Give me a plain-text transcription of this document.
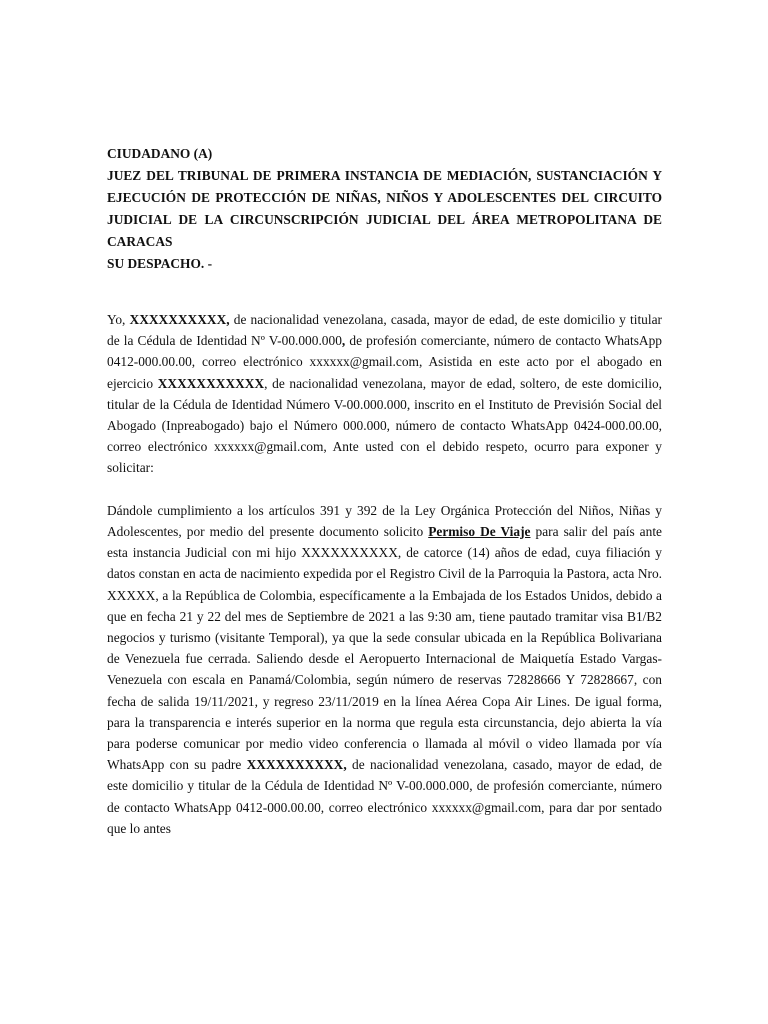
CIUDADANO (A)

JUEZ DEL TRIBUNAL DE PRIMERA INSTANCIA DE MEDIACIÓN, SUSTANCIACIÓN Y EJECUCIÓN DE PROTECCIÓN DE NIÑAS, NIÑOS Y ADOLESCENTES DEL CIRCUITO JUDICIAL DE LA CIRCUNSCRIPCIÓN JUDICIAL DEL ÁREA METROPOLITANA DE CARACAS

SU DESPACHO. -

Yo, XXXXXXXXXX, de nacionalidad venezolana, casada, mayor de edad, de este domicilio y titular de la Cédula de Identidad Nº V-00.000.000, de profesión comerciante, número de contacto WhatsApp 0412-000.00.00, correo electrónico xxxxxx@gmail.com, Asistida en este acto por el abogado en ejercicio XXXXXXXXXXX, de nacionalidad venezolana, mayor de edad, soltero, de este domicilio, titular de la Cédula de Identidad Número V-00.000.000, inscrito en el Instituto de Previsión Social del Abogado (Inpreabogado) bajo el Número 000.000, número de contacto WhatsApp 0424-000.00.00, correo electrónico xxxxxx@gmail.com, Ante usted con el debido respeto, ocurro para exponer y solicitar:

Dándole cumplimiento a los artículos 391 y 392 de la Ley Orgánica Protección del Niños, Niñas y Adolescentes, por medio del presente documento solicito Permiso De Viaje para salir del país ante esta instancia Judicial con mi hijo XXXXXXXXXX, de catorce (14) años de edad, cuya filiación y datos constan en acta de nacimiento expedida por el Registro Civil de la Parroquia la Pastora, acta Nro. XXXXX, a la República de Colombia, específicamente a la Embajada de los Estados Unidos, debido a que en fecha 21 y 22 del mes de Septiembre de 2021 a las 9:30 am, tiene pautado tramitar visa B1/B2 negocios y turismo (visitante Temporal), ya que la sede consular ubicada en la República Bolivariana de Venezuela fue cerrada. Saliendo desde el Aeropuerto Internacional de Maiquetía Estado Vargas-Venezuela con escala en Panamá/Colombia, según número de reservas 72828666 Y 72828667, con fecha de salida 19/11/2021, y regreso 23/11/2019 en la línea Aérea Copa Air Lines. De igual forma, para la transparencia e interés superior en la norma que regula esta circunstancia, dejo abierta la vía para poderse comunicar por medio video conferencia o llamada al móvil o video llamada por vía WhatsApp con su padre XXXXXXXXXX, de nacionalidad venezolana, casado, mayor de edad, de este domicilio y titular de la Cédula de Identidad Nº V-00.000.000, de profesión comerciante, número de contacto WhatsApp 0412-000.00.00, correo electrónico xxxxxx@gmail.com, para dar por sentado que lo antes
